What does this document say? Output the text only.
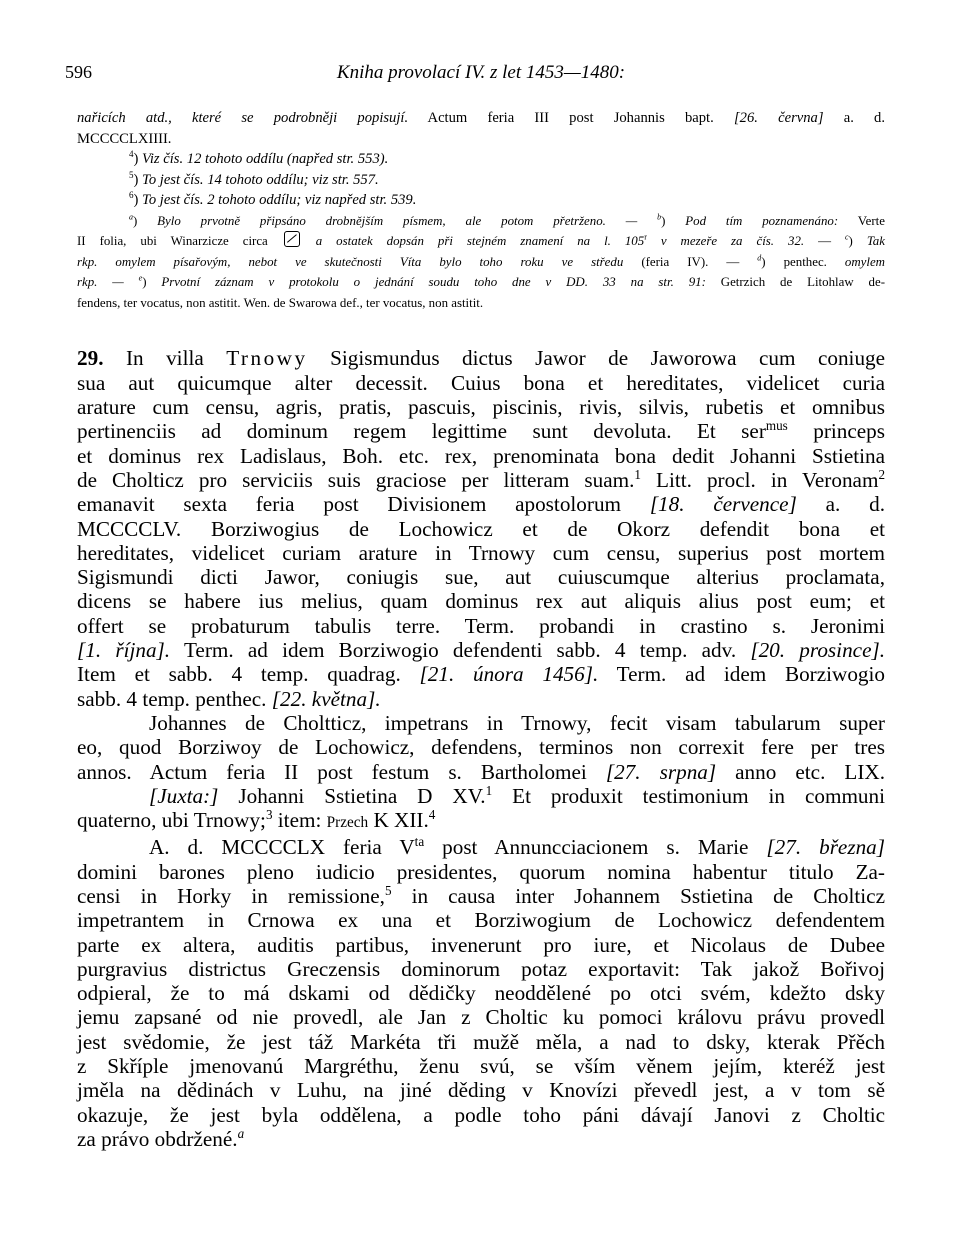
596	Kniha provolací IV. z let 1453—1480:
nařicích atd., které se podrobněji popisují. Actum feria III post Johannis bapt. [26. června] a. d.
MCCCCLXIIII.
$^4$) Viz čís. 12 tohoto oddílu (napřed str. 553).
$^5$) To jest čís. 14 tohoto oddílu; viz str. 557.
$^6$) To jest čís. 2 tohoto oddílu; viz napřed str. 539.
$^a$) Bylo prvotně připsáno drobnějším písmem, ale potom přetrženo. — $^b$) Pod tím poznamenáno: Verte
II folia, ubi Winarzicze circa	a ostatek dopsán při stejném znamení na l. 105$^r$ v mezeře za čís. 32. — $^c$) Tak
rkp. omylem písařovým, nebot ve skutečnosti Víta bylo toho roku ve středu (feria IV). — $^d$) penthec. omylem
rkp. — $^e$) Prvotní záznam v protokolu o jednání soudu toho dne v DD. 33 na str. 91: Getrzich de Litohlaw de-
fendens, ter vocatus, non astitit. Wen. de Swarowa def., ter vocatus, non astitit.
29. In villa Trnowy Sigismundus dictus Jawor de Jaworowa cum coniuge
sua aut quicumque alter decessit. Cuius bona et hereditates, videlicet curia
arature cum censu, agris, pratis, pascuis, piscinis, rivis, silvis, rubetis et omnibus
pertinenciis ad dominum regem legittime sunt devoluta. Et ser$^{mus}$ princeps
et dominus rex Ladislaus, Boh. etc. rex, prenominata bona dedit Johanni Sstietina
de Cholticz pro serviciis suis graciose per litteram suam.$^1$ Litt. procl. in Veronam$^2$
emanavit sexta feria post Divisionem apostolorum [18. července] a. d.
MCCCCLV. Borziwogius de Lochowicz et de Okorz defendit bona et
hereditates, videlicet curiam arature in Trnowy cum censu, superius post mortem
Sigismundi dicti Jawor, coniugis sue, aut cuiuscumque alterius proclamata,
dicens se habere ius melius, quam dominus rex aut aliquis alius post eum; et
offert se probaturum tabulis terre. Term. probandi in crastino s. Jeronimi
[1. října]. Term. ad idem Borziwogio defendenti sabb. 4 temp. adv. [20. prosince].
Item et sabb. 4 temp. quadrag. [21. února 1456]. Term. ad idem Borziwogio
sabb. 4 temp. penthec. [22. května].
Johannes de Choltticz, impetrans in Trnowy, fecit visam tabularum super
eo, quod Borziwoy de Lochowicz, defendens, terminos non correxit fere per tres
annos. Actum feria II post festum s. Bartholomei [27. srpna] anno etc. LIX.
[Juxta:] Johanni Sstietina D XV.$^1$ Et produxit testimonium in communi
quaterno, ubi Trnowy;$^3$ item: Przech K XII.$^4$
A. d. MCCCCLX feria $V^{ta}$ post Annuncciacionem s. Marie [27. března]
domini barones pleno iudicio presidentes, quorum nomina habentur titulo Za-
censi in Horky in remissione,$^5$ in causa inter Johannem Sstietina de Cholticz
impetrantem in Crnowa ex una et Borziwogium de Lochowicz defendentem
parte ex altera, auditis partibus, invenerunt pro iure, et Nicolaus de Dubee
purgravius districtus Greczensis dominorum potaz exportavit: Tak jakož Bořivoj
odpieral, že to má dskami od dědičky neoddělené po otci svém, kdežto dsky
jemu zapsané od nie provedl, ale Jan z Choltic ku pomoci královu právu provedl
jest svědomie, že jest táž Markéta tři mužě měla, a nad to dsky, kterak Přěch
z Skříple jmenovanú Margréthu, ženu svú, se vším věnem jejím, kteréž jest
jměla na dědinách v Luhu, na jiné děding v Knovízi převedl jest, a v tom sě
okazuje, že jest byla oddělena, a podle toho páni dávají Janovi z Choltic
za právo obdržené.$^a$
